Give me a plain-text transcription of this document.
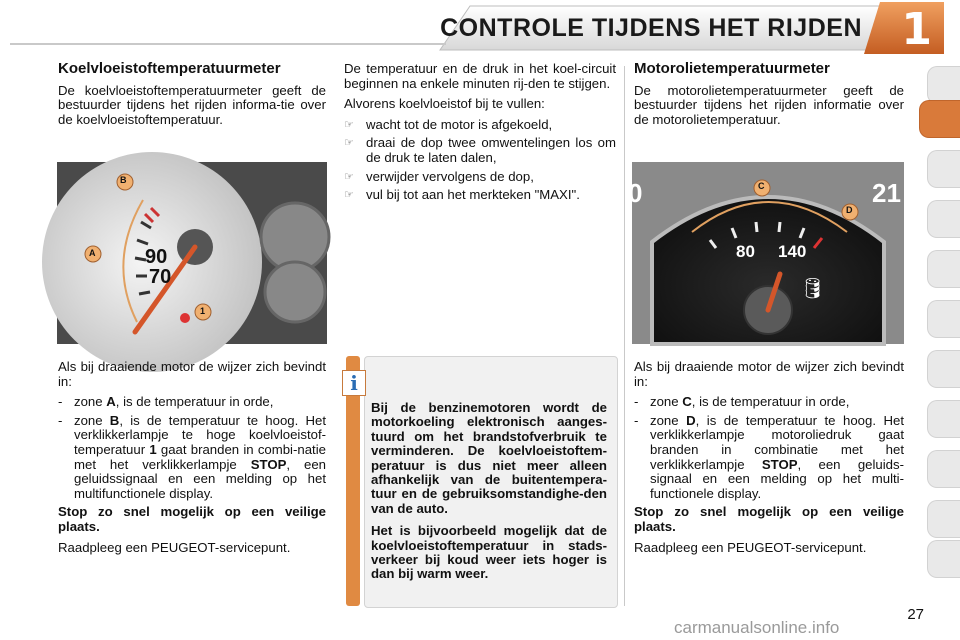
CONTROLE TIJDENS HET RIJDEN 1
Koelvloeistoftemperatuurmeter

De koelvloeistoftemperatuurmeter geeft de bestuurder tijdens het rijden informa-tie over de koelvloeistoftemperatuur.

B
A
1
90
70

Als bij draaiende motor de wijzer zich bevindt in:

- zone A, is de temperatuur in orde,
- zone B, is de temperatuur te hoog. Het verklikkerlampje te hoge koelvloeistof-temperatuur 1 gaat branden in combi-natie met het verklikkerlampje STOP, een geluidssignaal en een melding op het multifunctionele display.

Stop zo snel mogelijk op een veilige plaats.

Raadpleeg een PEUGEOT-servicepunt.

De temperatuur en de druk in het koel-circuit beginnen na enkele minuten rij-den te stijgen.

Alvorens koelvloeistof bij te vullen:

☞ wacht tot de motor is afgekoeld,
☞ draai de dop twee omwentelingen los om de druk te laten dalen,
☞ verwijder vervolgens de dop,
☞ vul bij tot aan het merkteken "MAXI".

Bij de benzinemotoren wordt de motorkoeling elektronisch aanges-tuurd om het brandstofverbruik te verminderen. De koelvloeistoftem-peratuur is dus niet meer alleen afhankelijk van de buitentempera-tuur en de gebruiksomstandighe-den van de auto.

Het is bijvoorbeeld mogelijk dat de koelvloeistoftemperatuur in stads-verkeer bij koud weer iets hoger is dan bij warm weer.

i
Motorolietemperatuurmeter

De motorolietemperatuurmeter geeft de bestuurder tijdens het rijden informatie over de motorolietemperatuur.

C
D
80 140
0	21
🛢

Als bij draaiende motor de wijzer zich bevindt in:

- zone C, is de temperatuur in orde,
- zone D, is de temperatuur te hoog. Het verklikkerlampje motoroliedruk gaat branden in combinatie met het verklikkerlampje STOP, een geluids-signaal en een melding op het multi-functionele display.

Stop zo snel mogelijk op een veilige plaats.

Raadpleeg een PEUGEOT-servicepunt.

27
carmanualsonline.info
